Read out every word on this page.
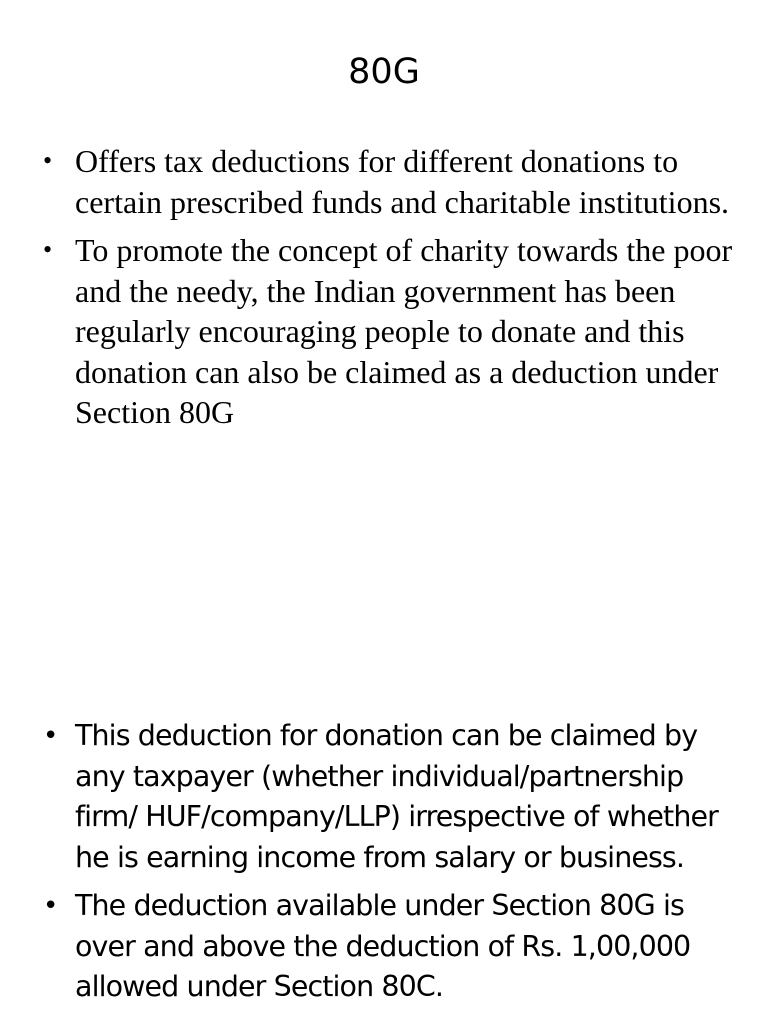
80G
• Offers tax deductions for different donations to certain prescribed funds and charitable institutions.
• To promote the concept of charity towards the poor and the needy, the Indian government has been regularly encouraging people to donate and this donation can also be claimed as a deduction under Section 80G
• This deduction for donation can be claimed by any taxpayer (whether individual/partnership firm/ HUF/company/LLP) irrespective of whether he is earning income from salary or business.
• The deduction available under Section 80G is over and above the deduction of Rs. 1,00,000 allowed under Section 80C.
